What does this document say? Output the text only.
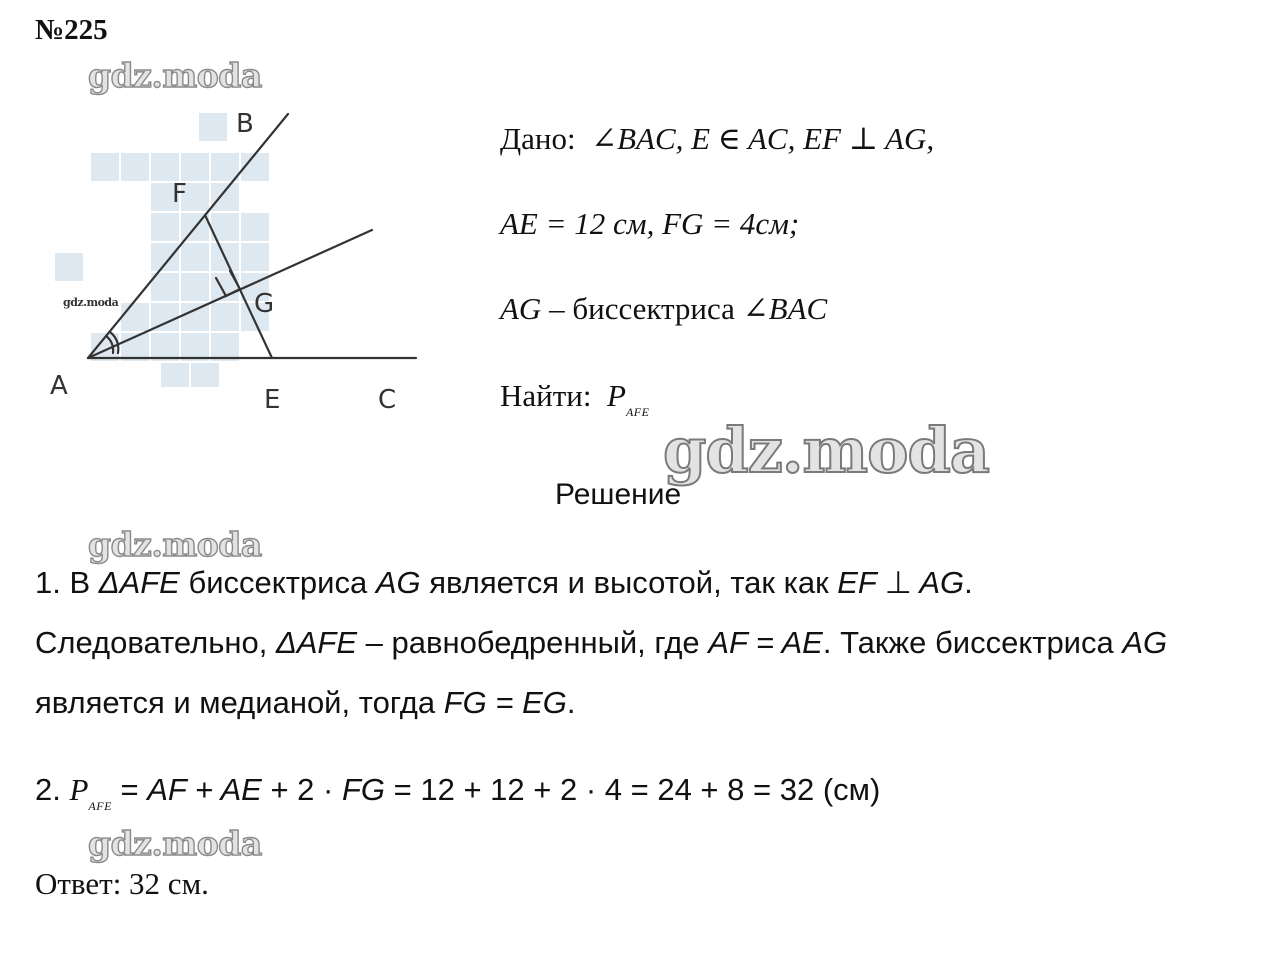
№225
gdz.moda
gdz.moda
gdz.moda
gdz.moda
gdz.moda
B
F
G
A	E	C
Дано: ∠BAC, E ∈ AC, EF ⊥ AG,
AE = 12 см, FG = 4см;
AG – биссектриса ∠BAC
Найти: $P_{AFE}$
Решение
1. В ΔAFE биссектриса AG является и высотой, так как EF ⊥ AG.
Следовательно, ΔAFE – равнобедренный, где AF = AE. Также биссектриса AG
является и медианой, тогда FG = EG.
2. $P_{AFE}$ = AF + AE + 2 · FG = 12 + 12 + 2 · 4 = 24 + 8 = 32 (см)
Ответ: 32 см.
